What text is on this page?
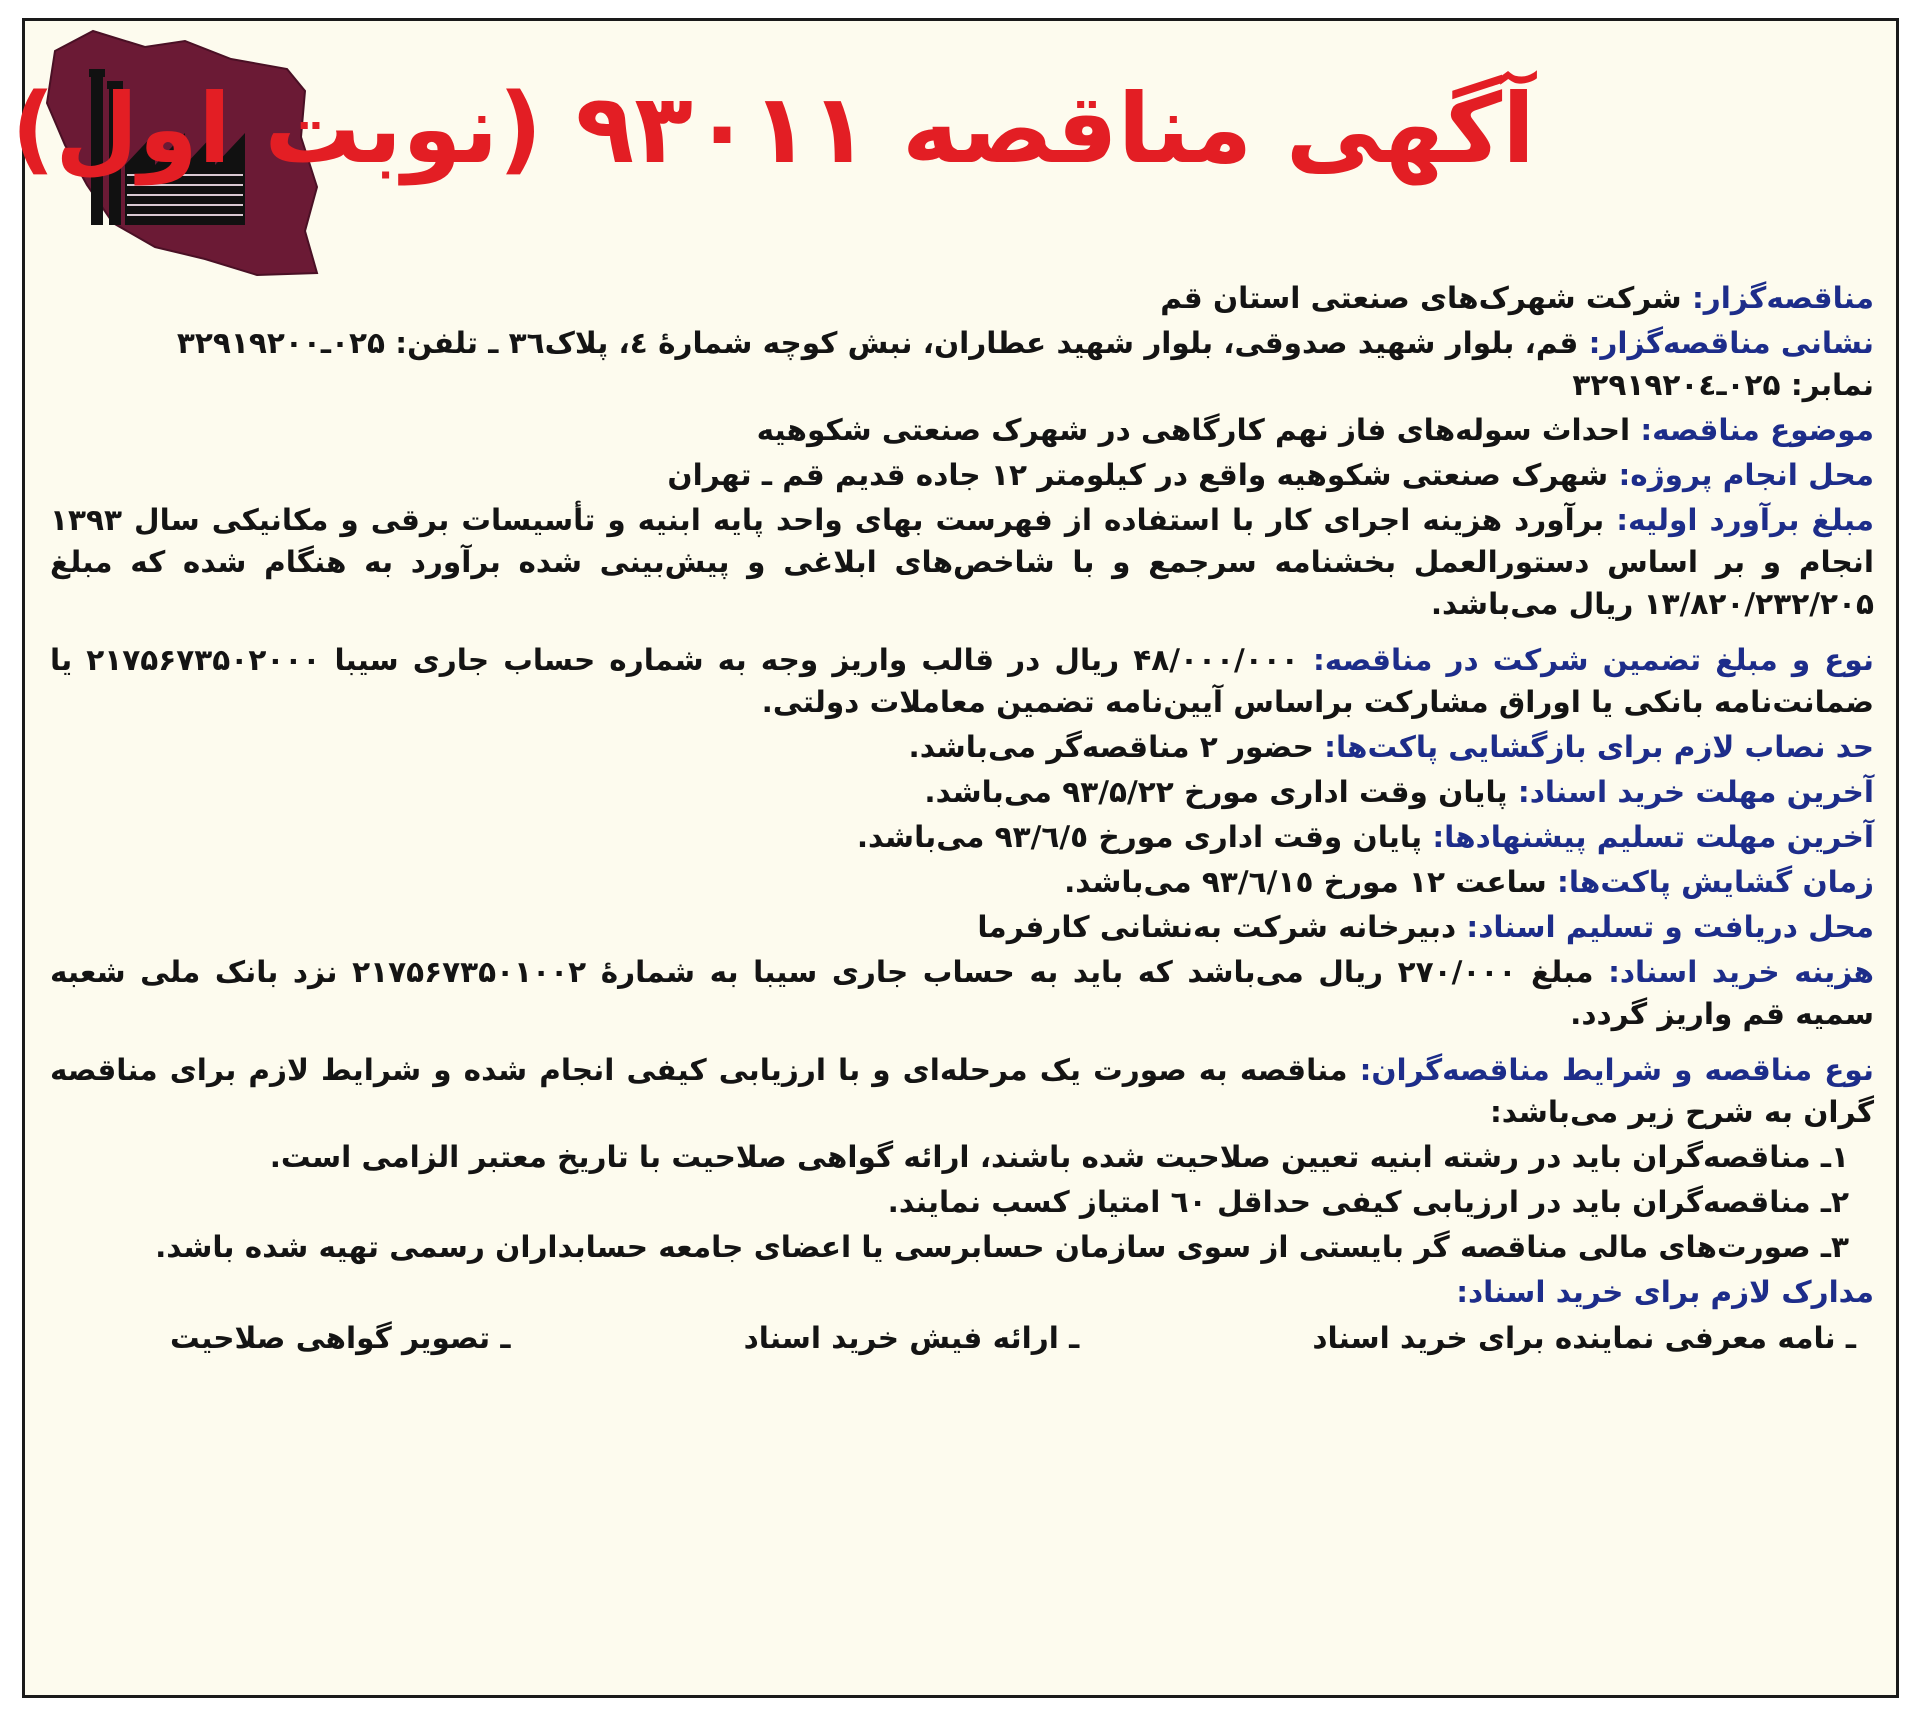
آگهی مناقصه ۹۳۰۱۱ (نوبت اول)
مناقصه‌گزار: شرکت شهرک‌های صنعتی استان قم
نشانی مناقصه‌گزار: قم، بلوار شهید صدوقی، بلوار شهید عطاران، نبش کوچه شمارهٔ ٤، پلاک٣٦ ـ تلفن: ۰۲۵ـ۳۲۹۱۹۲۰۰
نمابر: ۰۲۵ـ۳۲۹۱۹۲۰٤
موضوع مناقصه: احداث سوله‌های فاز نهم کارگاهی در شهرک صنعتی شکوهیه
محل انجام پروژه: شهرک صنعتی شکوهیه واقع در کیلومتر ۱۲ جاده قدیم قم ـ تهران
مبلغ برآورد اولیه: برآورد هزینه اجرای کار با استفاده از فهرست بهای واحد پایه ابنیه و تأسیسات برقی و مکانیکی سال ۱۳۹۳ انجام و بر اساس دستورالعمل بخشنامه سرجمع و با شاخص‌های ابلاغی و پیش‌بینی شده برآورد به هنگام شده که مبلغ ۱۳/۸۲۰/۲۳۲/۲۰۵ ریال می‌باشد.
نوع و مبلغ تضمین شرکت در مناقصه: ۴۸/۰۰۰/۰۰۰ ریال در قالب واریز وجه به شماره حساب جاری سیبا ۲۱۷۵۶۷۳۵۰۲۰۰۰ یا ضمانت‌نامه بانکی یا اوراق مشارکت براساس آیین‌نامه تضمین معاملات دولتی.
حد نصاب لازم برای بازگشایی پاکت‌ها: حضور ۲ مناقصه‌گر می‌باشد.
آخرین مهلت خرید اسناد: پایان وقت اداری مورخ ۹۳/۵/۲۲ می‌باشد.
آخرین مهلت تسلیم پیشنهادها: پایان وقت اداری مورخ ۹۳/٦/٥ می‌باشد.
زمان گشایش پاکت‌ها: ساعت ۱۲ مورخ ۹۳/٦/۱٥ می‌باشد.
محل دریافت و تسلیم اسناد: دبیرخانه شرکت به‌نشانی کارفرما
هزینه خرید اسناد: مبلغ ۲۷۰/۰۰۰ ریال می‌باشد که باید به حساب جاری سیبا به شمارهٔ ۲۱۷۵۶۷۳۵۰۱۰۰۲ نزد بانک ملی شعبه سمیه قم واریز گردد.
نوع مناقصه و شرایط مناقصه‌گران: مناقصه به صورت یک مرحله‌ای و با ارزیابی کیفی انجام شده و شرایط لازم برای مناقصه گران به شرح زیر می‌باشد:
۱ـ مناقصه‌گران باید در رشته ابنیه تعیین صلاحیت شده باشند، ارائه گواهی صلاحیت با تاریخ معتبر الزامی است.
۲ـ مناقصه‌گران باید در ارزیابی کیفی حداقل ٦۰ امتیاز کسب نمایند.
۳ـ صورت‌های مالی مناقصه گر بایستی از سوی سازمان حسابرسی یا اعضای جامعه حسابداران رسمی تهیه شده باشد.
مدارک لازم برای خرید اسناد:
ـ نامه معرفی نماینده برای خرید اسناد
ـ ارائه فیش خرید اسناد
ـ تصویر گواهی صلاحیت
